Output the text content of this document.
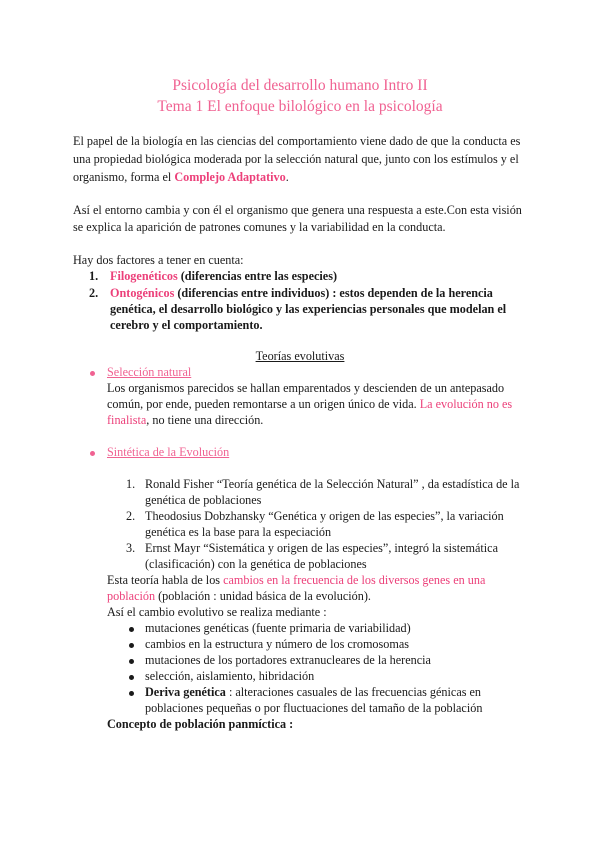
Psicología del desarrollo humano Intro II
Tema 1 El enfoque bilológico en la psicología
El papel de la biología en las ciencias del comportamiento viene dado de que la conducta es
una propiedad biológica moderada por la selección natural que, junto con los estímulos y el
organismo, forma el Complejo Adaptativo.
Así el entorno cambia y con él el organismo que genera una respuesta a este.Con esta visión
se explica la aparición de patrones comunes y la variabilidad en la conducta.
Hay dos factores a tener en cuenta:
1. Filogenéticos (diferencias entre las especies)
2. Ontogénicos (diferencias entre individuos) : estos dependen de la herencia
genética, el desarrollo biológico y las experiencias personales que modelan el
cerebro y el comportamiento.
Teorías evolutivas
Selección natural
Los organismos parecidos se hallan emparentados y descienden de un antepasado
común, por ende, pueden remontarse a un origen único de vida. La evolución no es
finalista, no tiene una dirección.
Sintética de la Evolución
1. Ronald Fisher “Teoría genética de la Selección Natural” , da estadística de la
genética de poblaciones
2. Theodosius Dobzhansky “Genética y origen de las especies”, la variación
genética es la base para la especiación
3. Ernst Mayr “Sistemática y origen de las especies”, integró la sistemática
(clasificación) con la genética de poblaciones
Esta teoría habla de los cambios en la frecuencia de los diversos genes en una
población (población : unidad básica de la evolución).
Así el cambio evolutivo se realiza mediante :
mutaciones genéticas (fuente primaria de variabilidad)
cambios en la estructura y número de los cromosomas
mutaciones de los portadores extranucleares de la herencia
selección, aislamiento, hibridación
Deriva genética : alteraciones casuales de las frecuencias génicas en
poblaciones pequeñas o por fluctuaciones del tamaño de la población
Concepto de población panmíctica :
